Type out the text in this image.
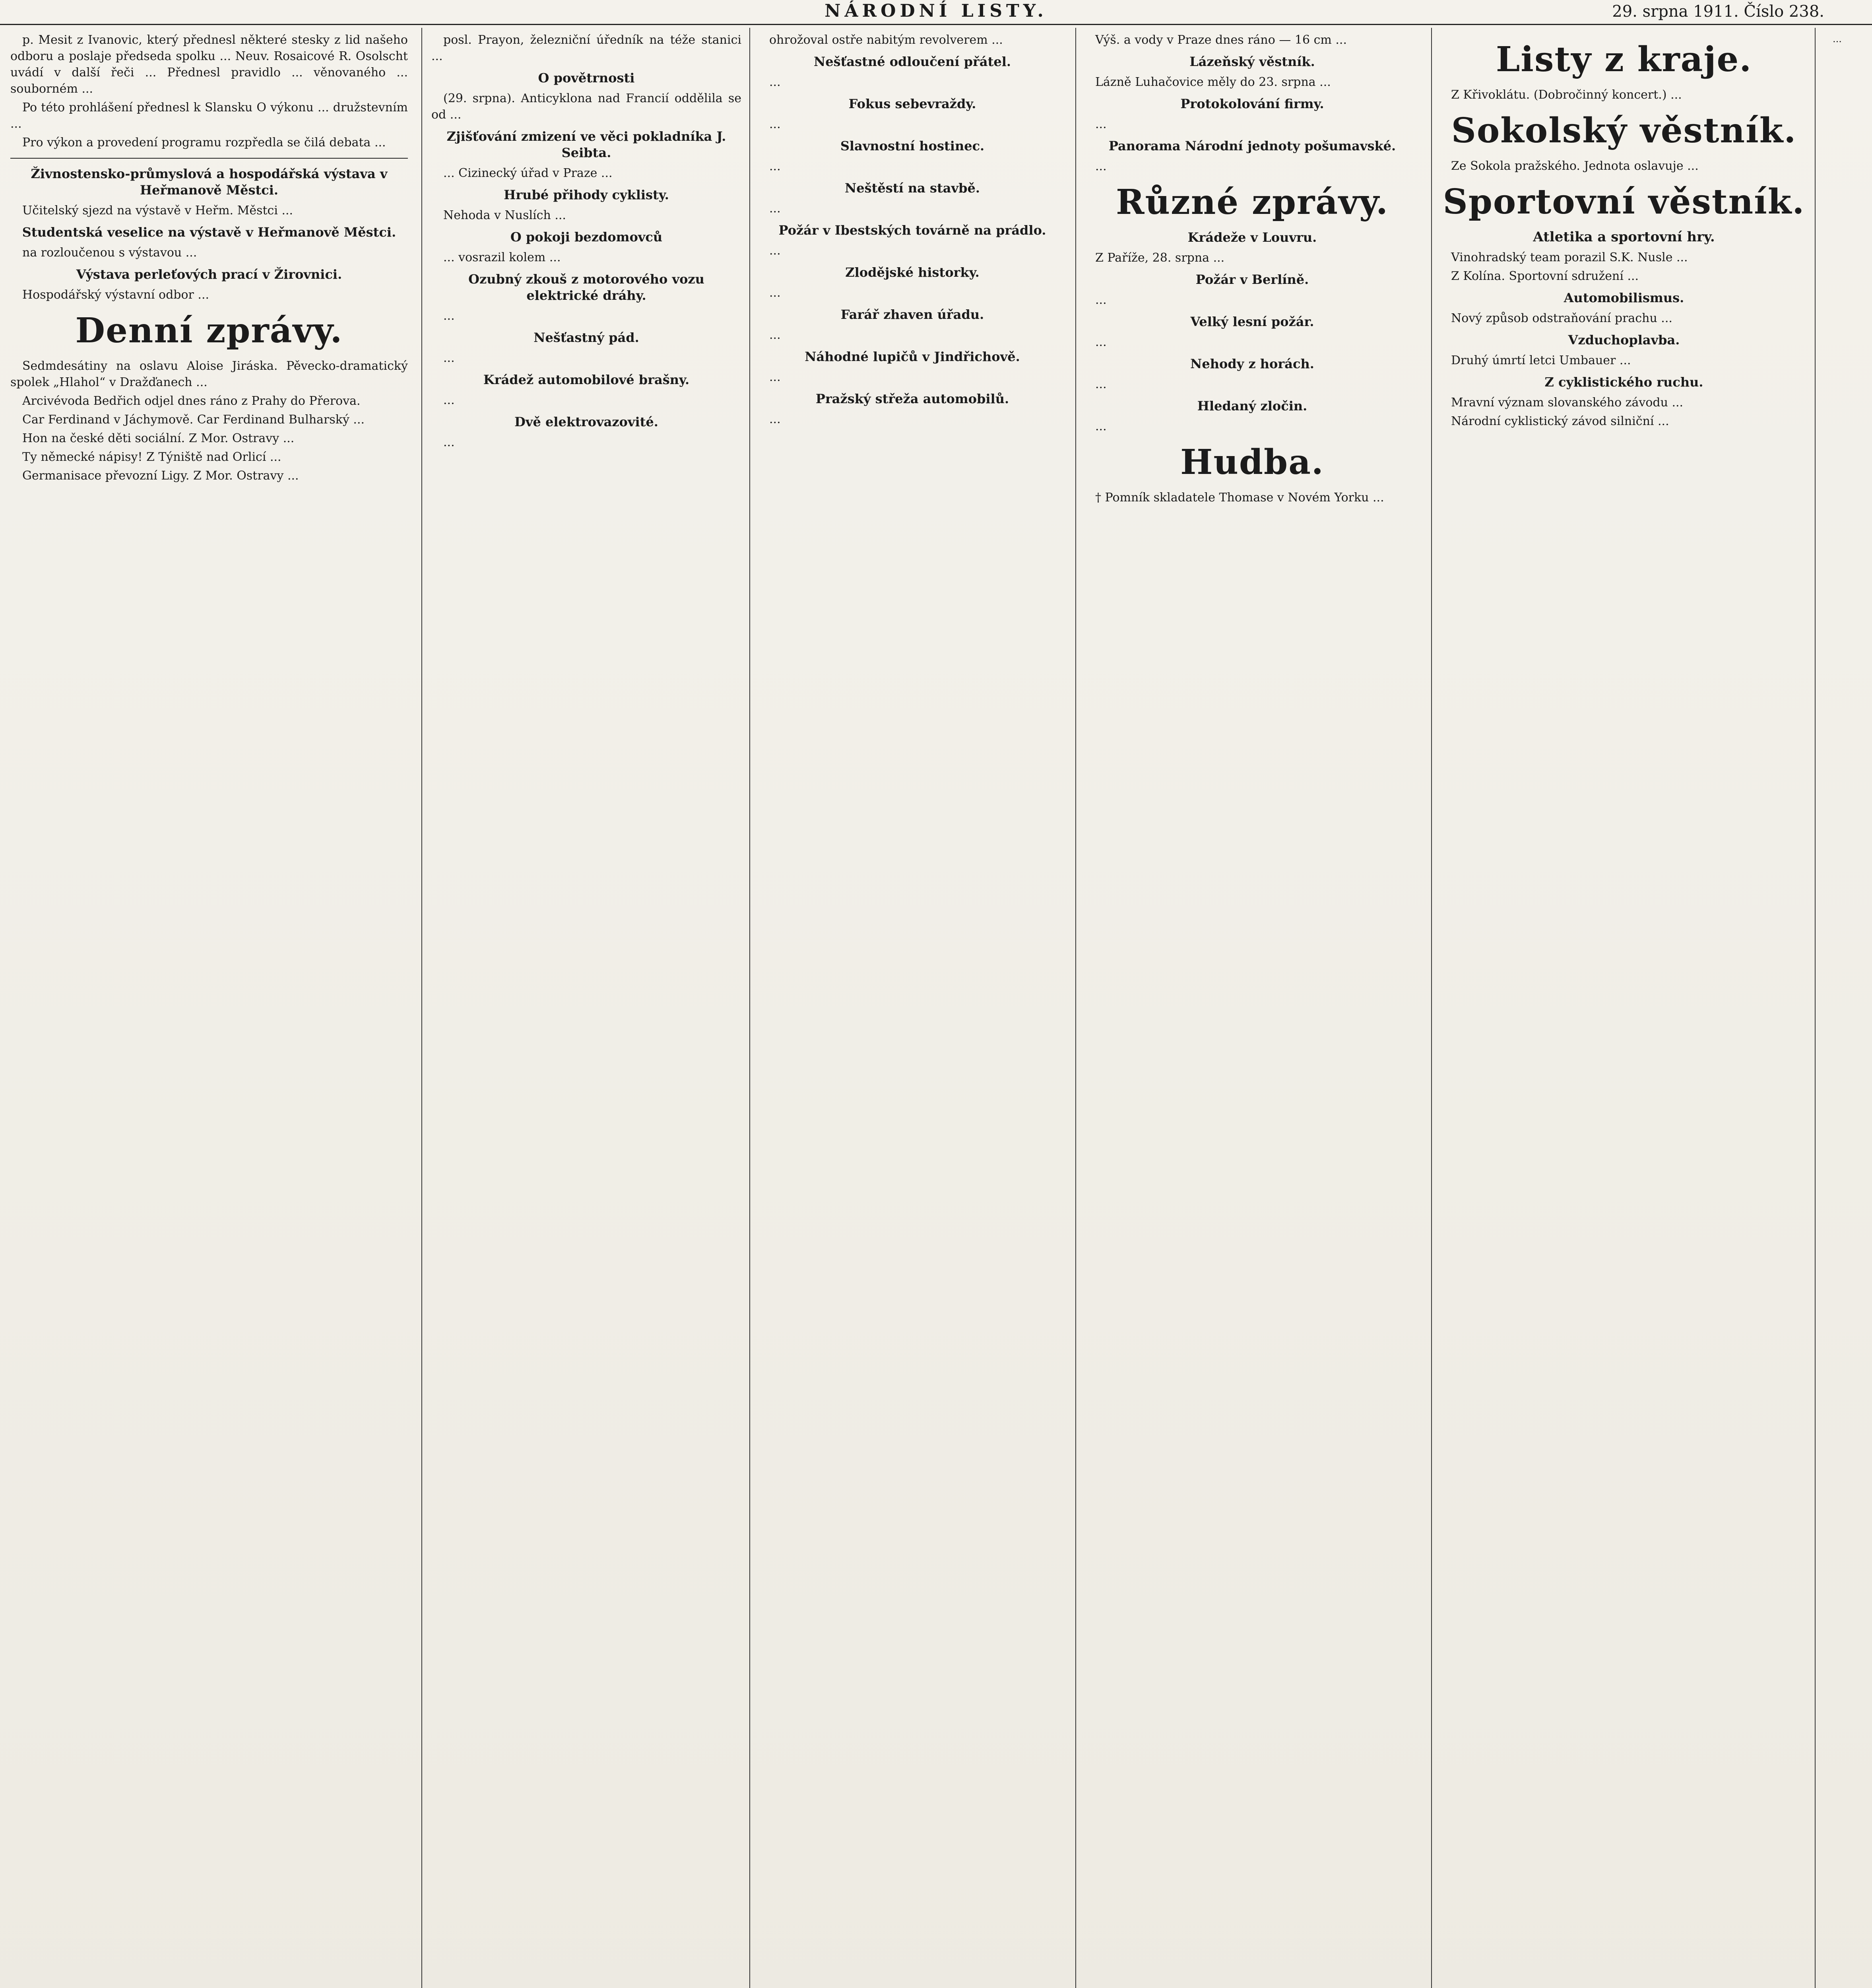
NÁRODNÍ LISTY.	29. srpna 1911. Číslo 238.

p. Mesit z Ivanovic, který přednesl některé stesky z lid našeho odboru a poslaje předseda spolku ... Neuv. Rosaicové R. Osolscht uvádí v další řeči ... Přednesl pravidlo ... věnovaného ... souborném ...

Po této prohlášení přednesl k Slansku O výkonu ... družstevním ...

Pro výkon a provedení programu rozpředla se čilá debata ...

Živnostensko-průmyslová a hospodářská výstava v Heřmanově Městci.

Učitelský sjezd na výstavě v Heřm. Městci ...

Studentská veselice na výstavě v Heřmanově Městci.

na rozloučenou s výstavou ...

Výstava perleťových prací v Žirovnici.

Hospodářský výstavní odbor ...

Denní zprávy.

Sedmdesátiny na oslavu Aloise Jiráska. Pěvecko-dramatický spolek „Hlahol“ v Dražďanech ...

Arcivévoda Bedřich odjel dnes ráno z Prahy do Přerova.

Car Ferdinand v Jáchymově. Car Ferdinand Bulharský ...

Hon na české děti sociální. Z Mor. Ostravy ...

Ty německé nápisy! Z Týniště nad Orlicí ...

Germanisace převozní Ligy. Z Mor. Ostravy ...

posl. Prayon, železniční úředník na téže stanici ...

O povětrnosti

(29. srpna). Anticyklona nad Francií oddělila se od ...

Zjišťování zmizení ve věci pokladníka J. Seibta.

... Cizinecký úřad v Praze ...

Hrubé přihody cyklisty.

Nehoda v Nuslích ...

O pokoji bezdomovců

... vosrazil kolem ...

Ozubný zkouš z motorového vozu elektrické dráhy.

...

Nešťastný pád.

...

Krádež automobilové brašny.

...

Dvě elektrovazovité.

...

ohrožoval ostře nabitým revolverem ...

Nešťastné odloučení přátel.

...

Fokus sebevraždy.

...

Slavnostní hostinec.

...

Neštěstí na stavbě.

...

Požár v Ibestských továrně na prádlo.

...

Zlodějské historky.

...

Farář zhaven úřadu.

...

Náhodné lupičů v Jindřichově.

...

Pražský střeža automobilů.

...

Výš. a vody v Praze dnes ráno — 16 cm ...

Lázeňský věstník.

Lázně Luhačovice měly do 23. srpna ...

Protokolování firmy.

...

Panorama Národní jednoty pošumavské.

...

Různé zprávy.
Krádeže v Louvru.

Z Paříže, 28. srpna ...

Požár v Berlíně.

...

Velký lesní požár.

...

Nehody z horách.

...

Hledaný zločin.

...

Hudba.

† Pomník skladatele Thomase v Novém Yorku ...

Listy z kraje.

Z Křivoklátu. (Dobročinný koncert.) ...

Sokolský věstník.

Ze Sokola pražského. Jednota oslavuje ...

Sportovní věstník.
Atletika a sportovní hry.

Vinohradský team porazil S.K. Nusle ...

Z Kolína. Sportovní sdružení ...

Automobilismus.

Nový způsob odstraňování prachu ...

Vzduchoplavba.

Druhý úmrtí letci Umbauer ...

Z cyklistického ruchu.

Mravní význam slovanského závodu ...

Národní cyklistický závod silniční ...

...
